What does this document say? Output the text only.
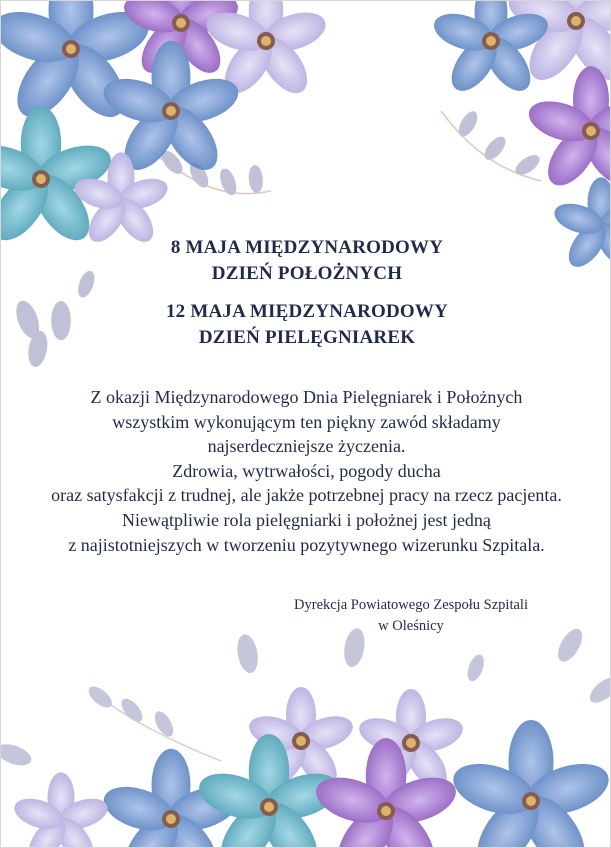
8 MAJA MIĘDZYNARODOWY
DZIEŃ POŁOŻNYCH
12 MAJA MIĘDZYNARODOWY
DZIEŃ PIELĘGNIAREK
Z okazji Międzynarodowego Dnia Pielęgniarek i Położnych
wszystkim wykonującym ten piękny zawód składamy
najserdeczniejsze życzenia.
Zdrowia, wytrwałości, pogody ducha
oraz satysfakcji z trudnej, ale jakże potrzebnej pracy na rzecz pacjenta.
Niewątpliwie rola pielęgniarki i położnej jest jedną
z najistotniejszych w tworzeniu pozytywnego wizerunku Szpitala.
Dyrekcja Powiatowego Zespołu Szpitali
w Oleśnicy
